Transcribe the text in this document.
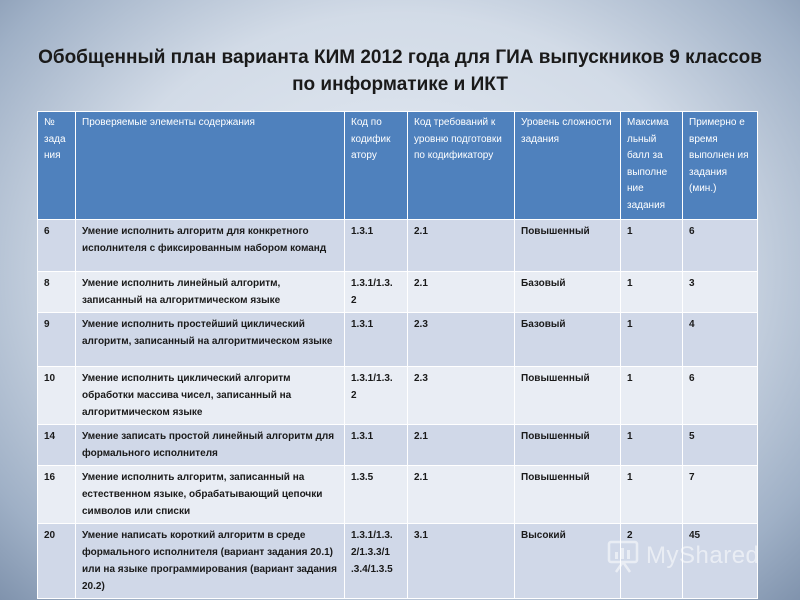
Обобщенный план варианта КИМ 2012 года для ГИА выпускников 9 классов
по информатике и ИКТ
№ зада ния	Проверяемые элементы содержания	Код по кодифик атору	Код требований к уровню подготовки по кодификатору	Уровень сложности задания	Максима льный балл за выполне ние задания	Примерно е время выполнен ия задания (мин.)
6	Умение исполнить алгоритм для конкретного исполнителя с фиксированным набором команд	1.3.1	2.1	Повышенный	1	6
8	Умение исполнить линейный алгоритм, записанный на алгоритмическом языке	1.3.1/1.3. 2	2.1	Базовый	1	3
9	Умение исполнить простейший циклический алгоритм, записанный на алгоритмическом языке	1.3.1	2.3	Базовый	1	4
10	Умение исполнить циклический алгоритм обработки массива чисел, записанный на алгоритмическом языке	1.3.1/1.3. 2	2.3	Повышенный	1	6
14	Умение записать простой линейный алгоритм для формального исполнителя	1.3.1	2.1	Повышенный	1	5
16	Умение исполнить алгоритм, записанный на естественном языке, обрабатывающий цепочки символов или списки	1.3.5	2.1	Повышенный	1	7
20	Умение написать короткий алгоритм в среде формального исполнителя (вариант задания 20.1) или на языке программирования (вариант задания 20.2)	1.3.1/1.3. 2/1.3.3/1 .3.4/1.3.5	3.1	Высокий	2	45
MyShared
